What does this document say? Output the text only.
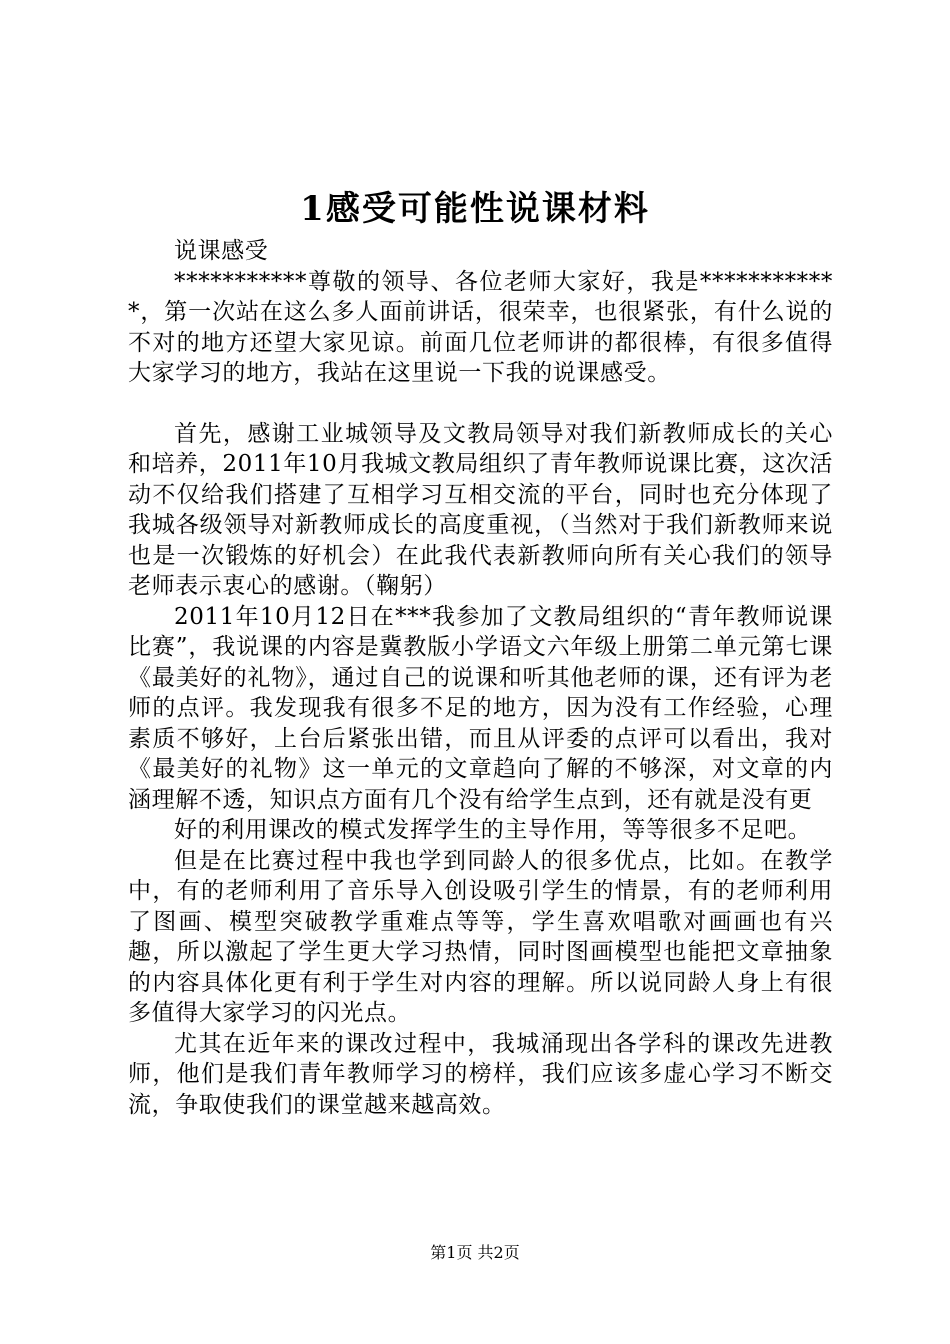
1感受可能性说课材料

说课感受

***********尊敬的领导、各位老师大家好，我是************，第一次站在这么多人面前讲话，很荣幸，也很紧张，有什么说的不对的地方还望大家见谅。前面几位老师讲的都很棒，有很多值得大家学习的地方，我站在这里说一下我的说课感受。

首先，感谢工业城领导及文教局领导对我们新教师成长的关心和培养，2011年10月我城文教局组织了青年教师说课比赛，这次活动不仅给我们搭建了互相学习互相交流的平台，同时也充分体现了我城各级领导对新教师成长的高度重视，（当然对于我们新教师来说也是一次锻炼的好机会）在此我代表新教师向所有关心我们的领导老师表示衷心的感谢。（鞠躬）

2011年10月12日在***我参加了文教局组织的“青年教师说课比赛”，我说课的内容是冀教版小学语文六年级上册第二单元第七课《最美好的礼物》，通过自己的说课和听其他老师的课，还有评为老师的点评。我发现我有很多不足的地方，因为没有工作经验，心理素质不够好，上台后紧张出错，而且从评委的点评可以看出，我对《最美好的礼物》这一单元的文章趋向了解的不够深，对文章的内涵理解不透，知识点方面有几个没有给学生点到，还有就是没有更

好的利用课改的模式发挥学生的主导作用，等等很多不足吧。

但是在比赛过程中我也学到同龄人的很多优点，比如。在教学中，有的老师利用了音乐导入创设吸引学生的情景，有的老师利用了图画、模型突破教学重难点等等，学生喜欢唱歌对画画也有兴趣，所以激起了学生更大学习热情，同时图画模型也能把文章抽象的内容具体化更有利于学生对内容的理解。所以说同龄人身上有很多值得大家学习的闪光点。

尤其在近年来的课改过程中，我城涌现出各学科的课改先进教师，他们是我们青年教师学习的榜样，我们应该多虚心学习不断交流，争取使我们的课堂越来越高效。

第1页 共2页
